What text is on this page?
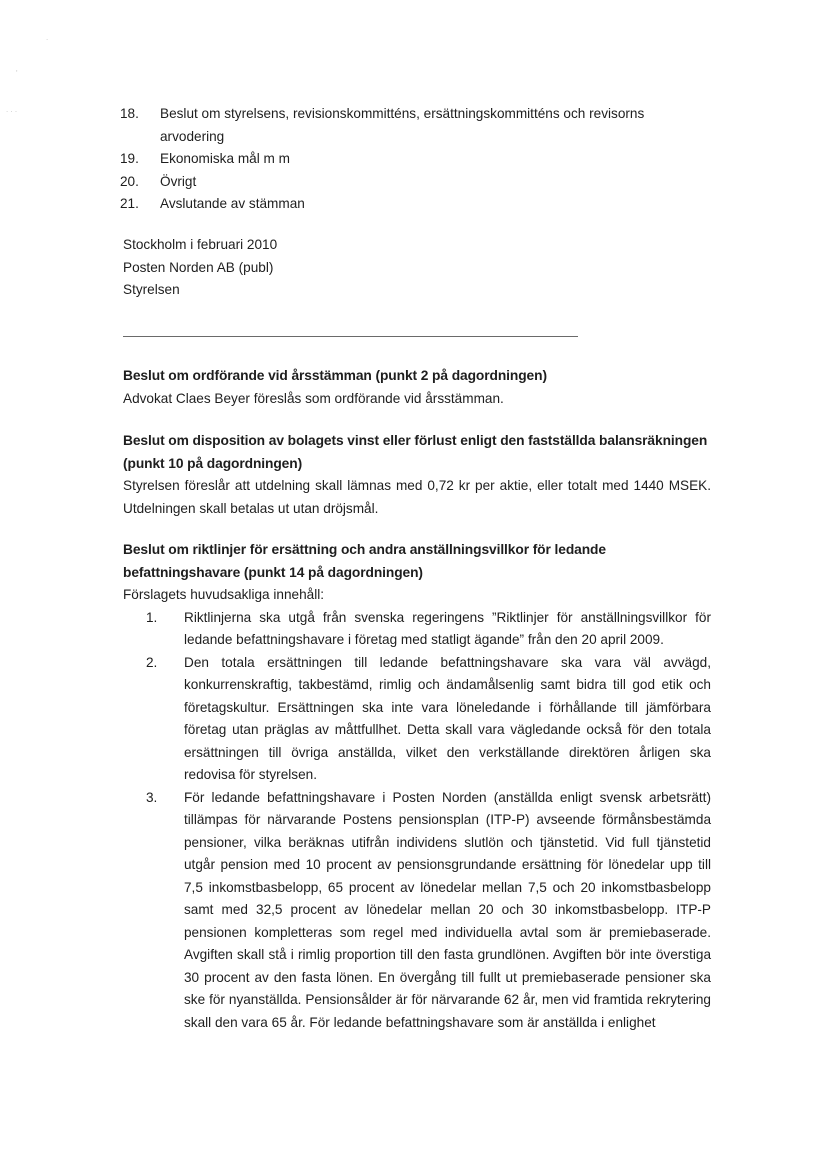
.
'
. . .	18.	Beslut om styrelsens, revisionskommitténs, ersättningskommitténs och revisorns arvodering
19.	Ekonomiska mål m m
20.	Övrigt
21.	Avslutande av stämman
Stockholm i februari 2010
Posten Norden AB (publ)
Styrelsen
Beslut om ordförande vid årsstämman (punkt 2 på dagordningen)

Advokat Claes Beyer föreslås som ordförande vid årsstämman.

Beslut om disposition av bolagets vinst eller förlust enligt den fastställda balansräkningen (punkt 10 på dagordningen)

Styrelsen föreslår att utdelning skall lämnas med 0,72 kr per aktie, eller totalt med 1440 MSEK. Utdelningen skall betalas ut utan dröjsmål.

Beslut om riktlinjer för ersättning och andra anställningsvillkor för ledande befattningshavare (punkt 14 på dagordningen)

Förslagets huvudsakliga innehåll:

1.	Riktlinjerna ska utgå från svenska regeringens ”Riktlinjer för anställningsvillkor för ledande befattningshavare i företag med statligt ägande” från den 20 april 2009.
2.	Den totala ersättningen till ledande befattningshavare ska vara väl avvägd, konkurrenskraftig, takbestämd, rimlig och ändamålsenlig samt bidra till god etik och företagskultur. Ersättningen ska inte vara löneledande i förhållande till jämförbara företag utan präglas av måttfullhet. Detta skall vara vägledande också för den totala ersättningen till övriga anställda, vilket den verkställande direktören årligen ska redovisa för styrelsen.
3.	För ledande befattningshavare i Posten Norden (anställda enligt svensk arbetsrätt) tillämpas för närvarande Postens pensionsplan (ITP-P) avseende förmånsbestämda pensioner, vilka beräknas utifrån individens slutlön och tjänstetid. Vid full tjänstetid utgår pension med 10 procent av pensionsgrundande ersättning för lönedelar upp till 7,5 inkomstbasbelopp, 65 procent av lönedelar mellan 7,5 och 20 inkomstbasbelopp samt med 32,5 procent av lönedelar mellan 20 och 30 inkomstbasbelopp. ITP-P pensionen kompletteras som regel med individuella avtal som är premiebaserade. Avgiften skall stå i rimlig proportion till den fasta grundlönen. Avgiften bör inte överstiga 30 procent av den fasta lönen. En övergång till fullt ut premiebaserade pensioner ska ske för nyanställda. Pensionsålder är för närvarande 62 år, men vid framtida rekrytering skall den vara 65 år. För ledande befattningshavare som är anställda i enlighet
